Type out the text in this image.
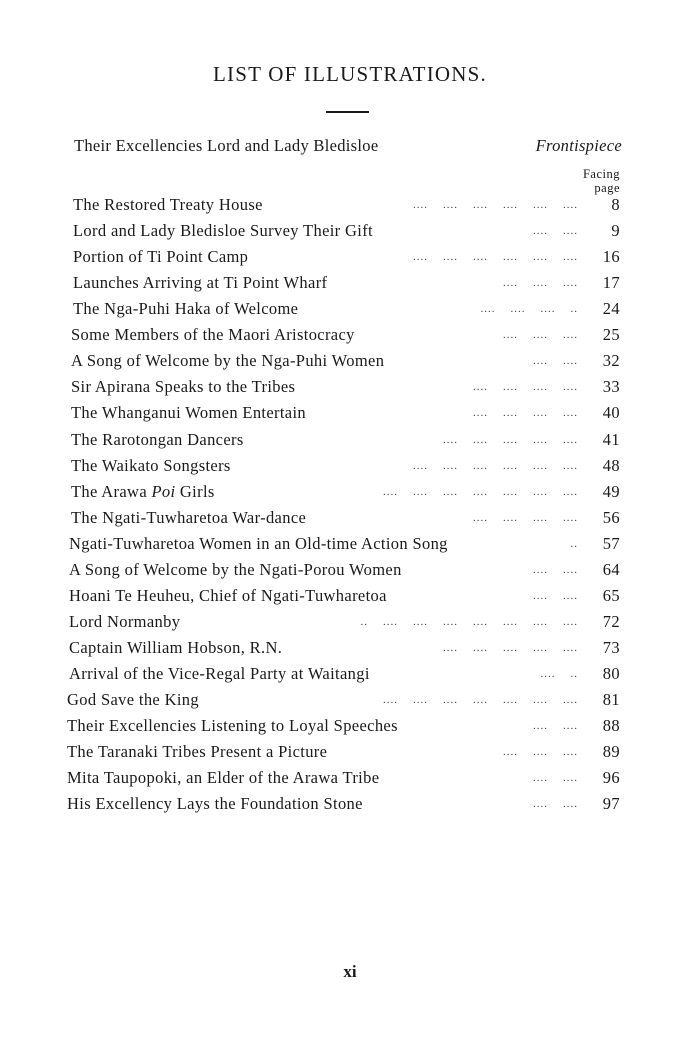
LIST OF ILLUSTRATIONS.
Their Excellencies Lord and Lady Bledisloe	Frontispiece
Facing
page
The Restored Treaty House	8
....    ....    ....    ....    ....    ....
Lord and Lady Bledisloe Survey Their Gift	9
....    ....
Portion of Ti Point Camp	16
....    ....    ....    ....    ....    ....
Launches Arriving at Ti Point Wharf	17
....    ....    ....
The Nga-Puhi Haka of Welcome	24
....    ....    ....    ..
Some Members of the Maori Aristocracy	25
....    ....    ....
A Song of Welcome by the Nga-Puhi Women	32
....    ....
Sir Apirana Speaks to the Tribes	33
....    ....    ....    ....
The Whanganui Women Entertain	40
....    ....    ....    ....
The Rarotongan Dancers	41
....    ....    ....    ....    ....
The Waikato Songsters	48
....    ....    ....    ....    ....    ....
The Arawa Poi Girls	49
....    ....    ....    ....    ....    ....    ....
The Ngati-Tuwharetoa War-dance	56
....    ....    ....    ....
Ngati-Tuwharetoa Women in an Old-time Action Song	57
..
A Song of Welcome by the Ngati-Porou Women	64
....    ....
Hoani Te Heuheu, Chief of Ngati-Tuwharetoa	65
....    ....
Lord Normanby	72
..    ....    ....    ....    ....    ....    ....    ....
Captain William Hobson, R.N.	73
....    ....    ....    ....    ....
Arrival of the Vice-Regal Party at Waitangi	80
....    ..
God Save the King	81
....    ....    ....    ....    ....    ....    ....
Their Excellencies Listening to Loyal Speeches	88
....    ....
The Taranaki Tribes Present a Picture	89
....    ....    ....
Mita Taupopoki, an Elder of the Arawa Tribe	96
....    ....
His Excellency Lays the Foundation Stone	97
....    ....
xi
